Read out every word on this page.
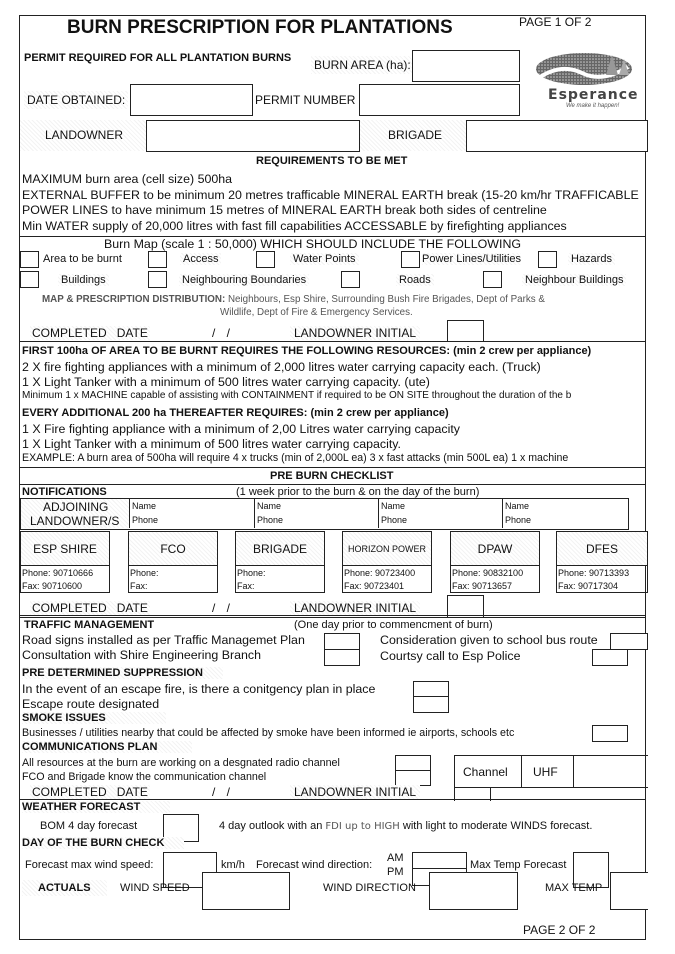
BURN PRESCRIPTION FOR PLANTATIONS	PAGE 1 OF 2
PERMIT REQUIRED FOR ALL PLANTATION BURNS BURN AREA (ha):
Esperance
We make it happen!
DATE OBTAINED:	PERMIT NUMBER
LANDOWNER	BRIGADE
REQUIREMENTS TO BE MET
MAXIMUM burn area (cell size) 500ha
EXTERNAL BUFFER to be minimum 20 metres trafficable MINERAL EARTH break (15-20 km/hr TRAFFICABLE
POWER LINES to have minimum 15 metres of MINERAL EARTH break both sides of centreline
Min WATER supply of 20,000 litres with fast fill capabilities ACCESSABLE by firefighting appliances
Burn Map (scale 1 : 50,000) WHICH SHOULD INCLUDE THE FOLLOWING
Area to be burnt	Access	Water Points	Power Lines/Utilities	Hazards
Buildings	Neighbouring Boundaries	Roads	Neighbour Buildings
MAP & PRESCRIPTION DISTRIBUTION: Neighbours, Esp Shire, Surrounding Bush Fire Brigades, Dept of Parks &
Wildlife, Dept of Fire & Emergency Services.
COMPLETED DATE	/ /	LANDOWNER INITIAL
FIRST 100ha OF AREA TO BE BURNT REQUIRES THE FOLLOWING RESOURCES: (min 2 crew per appliance)
2 X fire fighting appliances with a minimum of 2,000 litres water carrying capacity each. (Truck)
1 X Light Tanker with a minimum of 500 litres water carrying capacity. (ute)
Minimum 1 x MACHINE capable of assisting with CONTAINMENT if required to be ON SITE throughout the duration of the b
EVERY ADDITIONAL 200 ha THEREAFTER REQUIRES: (min 2 crew per appliance)
1 X Fire fighting appliance with a minimum of 2,00 Litres water carrying capacity
1 X Light Tanker with a minimum of 500 litres water carrying capacity.
EXAMPLE: A burn area of 500ha will require 4 x trucks (min of 2,000L ea) 3 x fast attacks (min 500L ea) 1 x machine
PRE BURN CHECKLIST
NOTIFICATIONS	(1 week prior to the burn & on the day of the burn)
ADJOINING
LANDOWNER/S
Name
Phone
Name
Phone
Name
Phone
Name
Phone
ESP SHIRE
Phone: 90710666
Fax: 90710600
FCO
Phone:
Fax:
BRIGADE
Phone:
Fax:
HORIZON POWER
Phone: 90723400
Fax: 90723401
DPAW
Phone: 90832100
Fax: 90713657
DFES
Phone: 90713393
Fax: 90717304
COMPLETED DATE	/ /	LANDOWNER INITIAL
TRAFFIC MANAGEMENT	(One day prior to commencment of burn)
Road signs installed as per Traffic Managemet Plan
Consultation with Shire Engineering Branch
Consideration given to school bus route
Courtsy call to Esp Police
PRE DETERMINED SUPPRESSION
In the event of an escape fire, is there a conitgency plan in place
Escape route designated
SMOKE ISSUES
Businesses / utilities nearby that could be affected by smoke have been informed ie airports, schools etc
COMMUNICATIONS PLAN
All resources at the burn are working on a desgnated radio channel
FCO and Brigade know the communication channel	Channel UHF
COMPLETED DATE	/ /	LANDOWNER INITIAL
WEATHER FORECAST
BOM 4 day forecast	4 day outlook with an FDI up to HIGH with light to moderate WINDS forecast.
DAY OF THE BURN CHECK
Forecast max wind speed:	km/h Forecast wind direction:
AM
PM
Max Temp Forecast
ACTUALS	WIND SPEED	WIND DIRECTION	MAX TEMP
PAGE 2 OF 2
